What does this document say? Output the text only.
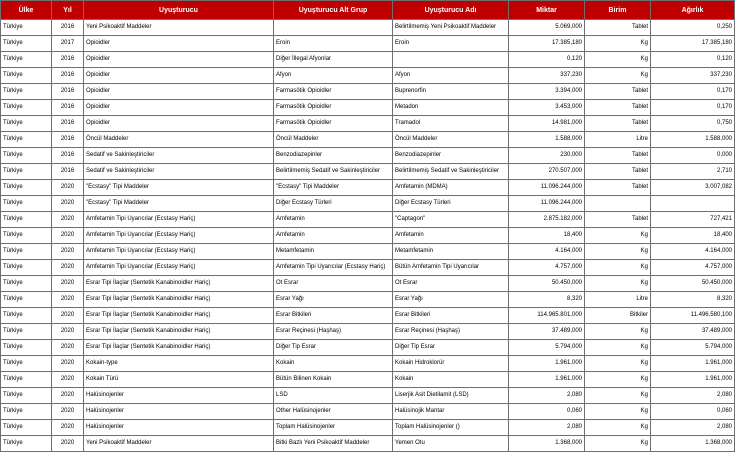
Ülke	Yıl	Uyuşturucu	Uyuşturucu Alt Grup	Uyuşturucu Adı	Miktar	Birim	Ağırlık
Türkiye	2016	Yeni Psikoaktif Maddeler		Belirtilmemiş Yeni Psikoaktif Maddeler	5.069,000	Tablet	0,250
Türkiye	2017	Opioidler	Eroin	Eroin	17.385,180	Kg	17.385,180
Türkiye	2016	Opioidler	Diğer İllegal Afyonlar		0,120	Kg	0,120
Türkiye	2016	Opioidler	Afyon	Afyon	337,230	Kg	337,230
Türkiye	2016	Opioidler	Farmasötik Opioidler	Buprenorfin	3.394,000	Tablet	0,170
Türkiye	2016	Opioidler	Farmasötik Opioidler	Metadon	3.453,000	Tablet	0,170
Türkiye	2016	Opioidler	Farmasötik Opioidler	Tramadol	14.981,000	Tablet	0,750
Türkiye	2016	Öncül Maddeler	Öncül Maddeler	Öncül Maddeler	1.588,000	Litre	1.588,000
Türkiye	2016	Sedatif ve Sakinleştiriciler	Benzodiazepinler	Benzodiazepinler	230,000	Tablet	0,000
Türkiye	2016	Sedatif ve Sakinleştiriciler	Belirtilmemiş Sedatif ve Sakinleştiriciler	Belirtilmemiş Sedatif ve Sakinleştiriciler	270.507,000	Tablet	2,710
Türkiye	2020	"Ecstasy" Tipi Maddeler	"Ecstasy" Tipi Maddeler	Amfetamin (MDMA)	11.096.244,000	Tablet	3.007,082
Türkiye	2020	"Ecstasy" Tipi Maddeler	Diğer Ecstasy Türleri	Diğer Ecstasy Türleri	11.096.244,000		
Türkiye	2020	Amfetamin Tipi Uyarıcılar (Ecstasy Hariç)	Amfetamin	"Captagon"	2.875.182,000	Tablet	727,421
Türkiye	2020	Amfetamin Tipi Uyarıcılar (Ecstasy Hariç)	Amfetamin	Amfetamin	18,400	Kg	18,400
Türkiye	2020	Amfetamin Tipi Uyarıcılar (Ecstasy Hariç)	Metamfetamin	Metamfetamin	4.164,000	Kg	4.164,000
Türkiye	2020	Amfetamin Tipi Uyarıcılar (Ecstasy Hariç)	Amfetamin Tipi Uyarıcılar (Ecstasy Hariç)	Bütün Amfetamin Tipi Uyarıcılar	4.757,000	Kg	4.757,000
Türkiye	2020	Esrar Tipi İlaçlar (Sentetik Kanabinoidler Hariç)	Ot Esrar	Ot Esrar	50.450,000	Kg	50.450,000
Türkiye	2020	Esrar Tipi İlaçlar (Sentetik Kanabinoidler Hariç)	Esrar Yağı	Esrar Yağı	8,320	Litre	8,320
Türkiye	2020	Esrar Tipi İlaçlar (Sentetik Kanabinoidler Hariç)	Esrar Bitkileri	Esrar Bitkileri	114.965.801,000	Bitkiler	11.496.580,100
Türkiye	2020	Esrar Tipi İlaçlar (Sentetik Kanabinoidler Hariç)	Esrar Reçinesi (Haşhaş)	Esrar Reçinesi (Haşhaş)	37.489,000	Kg	37.489,000
Türkiye	2020	Esrar Tipi İlaçlar (Sentetik Kanabinoidler Hariç)	Diğer Tip Esrar	Diğer Tip Esrar	5.794,000	Kg	5.794,000
Türkiye	2020	Kokain-type	Kokain	Kokain Hidroklorür	1.961,000	Kg	1.961,000
Türkiye	2020	Kokain Türü	Bütün Bilinen Kokain	Kokain	1.961,000	Kg	1.961,000
Türkiye	2020	Halüsinojenler	LSD	Liserjik Asit Dietilamit (LSD)	2,080	Kg	2,080
Türkiye	2020	Halüsinojenler	Other Halüsinojenler	Halüsinojik Mantar	0,060	Kg	0,060
Türkiye	2020	Halüsinojenler	Toplam Halüsinojenler	Toplam Halüsinojenler ()	2,080	Kg	2,080
Türkiye	2020	Yeni Psikoaktif Maddeler	Bitki Bazlı Yeni Psikoaktif Maddeler	Yemen Otu	1.368,000	Kg	1.368,000
